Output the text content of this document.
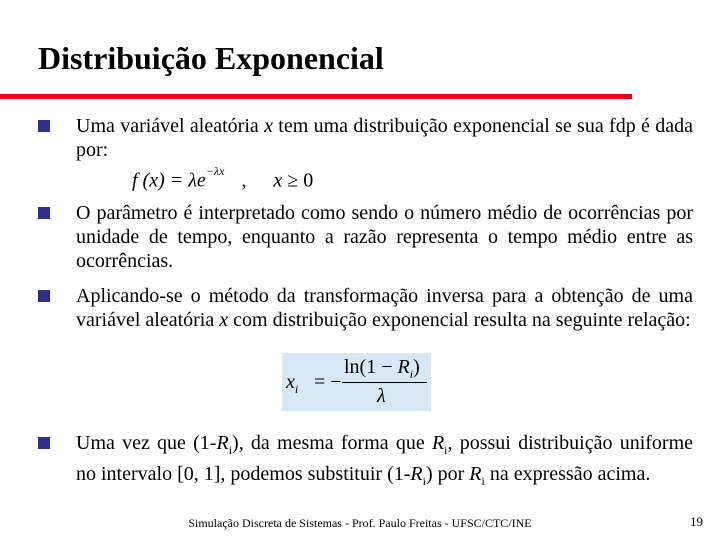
Distribuição Exponencial
Uma variável aleatória x tem uma distribuição exponencial se sua fdp é dada por:
f $(x) = \lambda e^{-\lambda x}$ , x ≥ 0
O parâmetro é interpretado como sendo o número médio de ocorrências por unidade de tempo, enquanto a razão representa o tempo médio entre as ocorrências.
Aplicando-se o método da transformação inversa para a obtenção de uma variável aleatória x com distribuição exponencial resulta na seguinte relação:
$x_i$ = −
$\ln(1 - R_i)$
λ
Uma vez que $(1-R_i)$, da mesma forma que $R_i$, possui distribuição uniforme no intervalo [0, 1], podemos substituir $(1-R_i)$ por $R_i$ na expressão acima.
Simulação Discreta de Sistemas - Prof. Paulo Freitas - UFSC/CTC/INE	19
